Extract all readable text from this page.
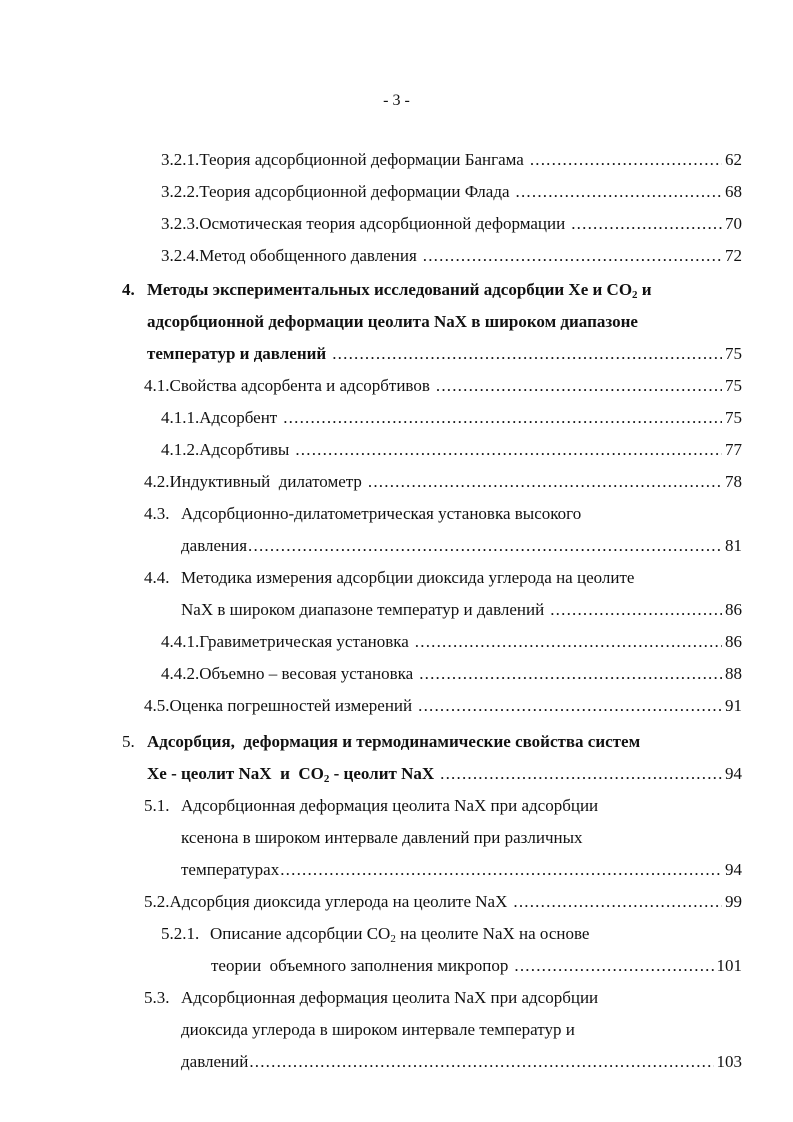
- 3 -
3.2.1. Теория адсорбционной деформации Бангама .....	62
3.2.2. Теория адсорбционной деформации Флада .....	68
3.2.3. Осмотическая теория адсорбционной деформации .....	70
3.2.4. Метод обобщенного давления .....	72
4. Методы экспериментальных исследований адсорбции Xe и $CO_2$ и
адсорбционной деформации цеолита NaX в широком диапазоне
температур и давлений .....	75
4.1. Свойства адсорбента и адсорбтивов .....	75
4.1.1. Адсорбент .....	75
4.1.2. Адсорбтивы .....	77
4.2. Индуктивный  дилатометр .....	78
4.3. Адсорбционно-дилатометрическая установка высокого
давления .....	81
4.4. Методика измерения адсорбции диоксида углерода на цеолите
NaX в широком диапазоне температур и давлений .....	86
4.4.1. Гравиметрическая установка .....	86
4.4.2. Объемно – весовая установка .....	88
4.5. Оценка погрешностей измерений .....	91
5. Адсорбция,  деформация и термодинамические свойства систем
Xe - цеолит NaX  и  $CO_2$ - цеолит NaX .....	94
5.1. Адсорбционная деформация цеолита NaX при адсорбции
ксенона в широком интервале давлений при различных
температурах .....	94
5.2. Адсорбция диоксида углерода на цеолите NaX .....	99
5.2.1. Описание адсорбции $CO_2$ на цеолите NaX на основе
теории  объемного заполнения микропор .....	101
5.3. Адсорбционная деформация цеолита NaX при адсорбции
диоксида углерода в широком интервале температур и
давлений .....	103
